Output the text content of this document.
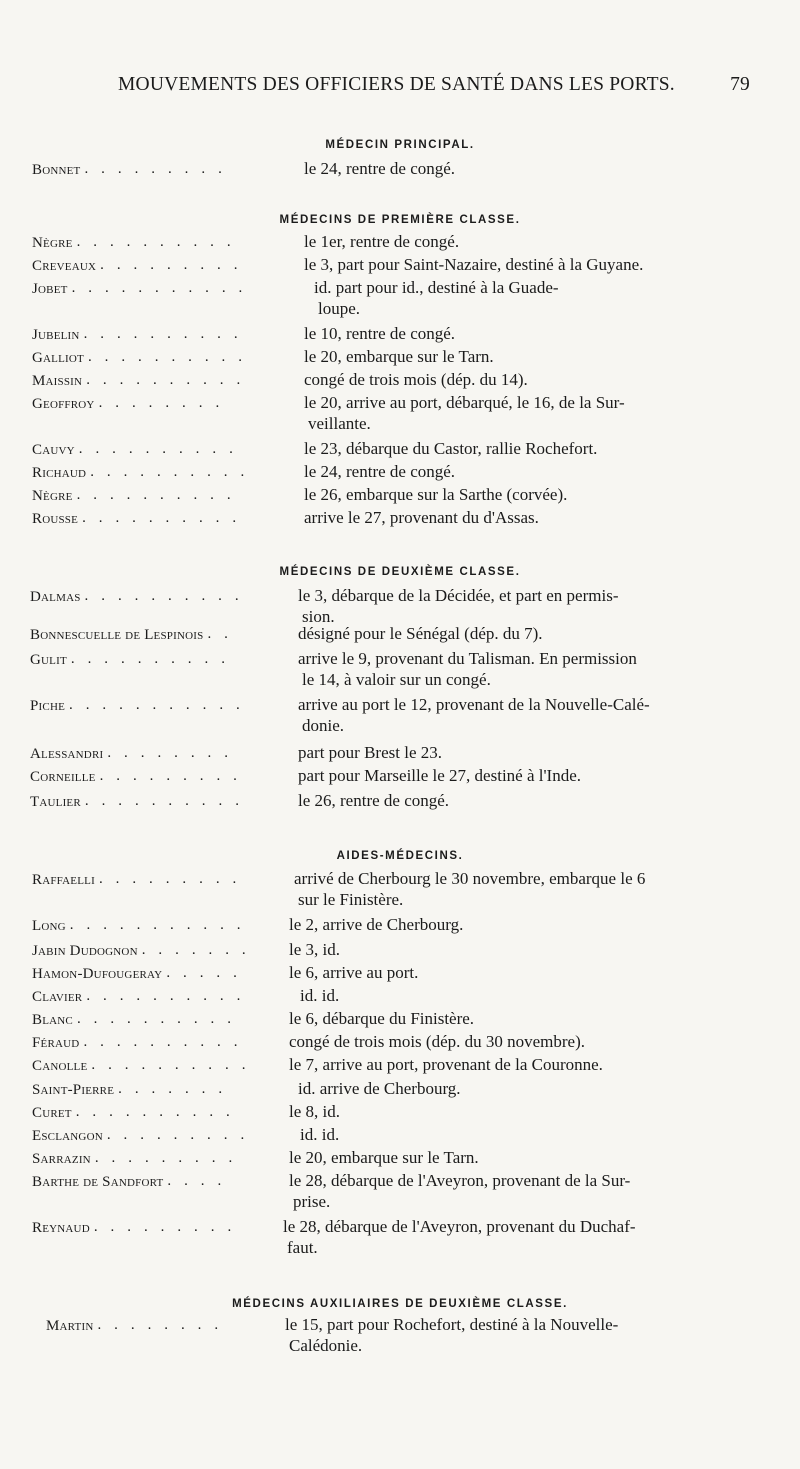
MOUVEMENTS DES OFFICIERS DE SANTÉ DANS LES PORTS.	79
MÉDECIN PRINCIPAL.
Bonnet	le 24, rentre de congé.
. . . . . . . . .
MÉDECINS DE PREMIÈRE CLASSE.
Nègre	le 1er, rentre de congé.
. . . . . . . . . .
Creveaux	le 3, part pour Saint-Nazaire, destiné à la Guyane.
. . . . . . . . .
Jobet	id. part pour id., destiné à la Guade-
loupe.
. . . . . . . . . . .
Jubelin	le 10, rentre de congé.
. . . . . . . . . .
Galliot	le 20, embarque sur le Tarn.
. . . . . . . . . .
Maissin	congé de trois mois (dép. du 14).
. . . . . . . . . .
Geoffroy	le 20, arrive au port, débarqué, le 16, de la Sur-
veillante.
. . . . . . . .
Cauvy	le 23, débarque du Castor, rallie Rochefort.
. . . . . . . . . .
Richaud	le 24, rentre de congé.
. . . . . . . . . .
Nègre	le 26, embarque sur la Sarthe (corvée).
. . . . . . . . . .
Rousse	arrive le 27, provenant du d'Assas.
. . . . . . . . . .
MÉDECINS DE DEUXIÈME CLASSE.
Dalmas	le 3, débarque de la Décidée, et part en permis-
sion.
. . . . . . . . . .
Bonnescuelle de Lespinois	désigné pour le Sénégal (dép. du 7).
. .
Gulit	arrive le 9, provenant du Talisman. En permission
le 14, à valoir sur un congé.
. . . . . . . . . .
Piche	arrive au port le 12, provenant de la Nouvelle-Calé-
donie.
. . . . . . . . . . .
Alessandri	part pour Brest le 23.
. . . . . . . .
Corneille	part pour Marseille le 27, destiné à l'Inde.
. . . . . . . . .
Taulier	le 26, rentre de congé.
. . . . . . . . . .
AIDES-MÉDECINS.
Raffaelli	arrivé de Cherbourg le 30 novembre, embarque le 6
sur le Finistère.
. . . . . . . . .
Long	le 2, arrive de Cherbourg.
. . . . . . . . . . .
Jabin Dudognon	le 3, id.
. . . . . . .
Hamon-Dufougeray	le 6, arrive au port.
. . . . .
Clavier	id. id.
. . . . . . . . . .
Blanc	le 6, débarque du Finistère.
. . . . . . . . . .
Féraud	congé de trois mois (dép. du 30 novembre).
. . . . . . . . . .
Canolle	le 7, arrive au port, provenant de la Couronne.
. . . . . . . . . .
Saint-Pierre	id. arrive de Cherbourg.
. . . . . . .
Curet	le 8, id.
. . . . . . . . . .
Esclangon	id. id.
. . . . . . . . .
Sarrazin	le 20, embarque sur le Tarn.
. . . . . . . . .
Barthe de Sandfort	le 28, débarque de l'Aveyron, provenant de la Sur-
prise.
. . . .
Reynaud	le 28, débarque de l'Aveyron, provenant du Duchaf-
faut.
. . . . . . . . .
MÉDECINS AUXILIAIRES DE DEUXIÈME CLASSE.
Martin	le 15, part pour Rochefort, destiné à la Nouvelle-
Calédonie.
. . . . . . . .
